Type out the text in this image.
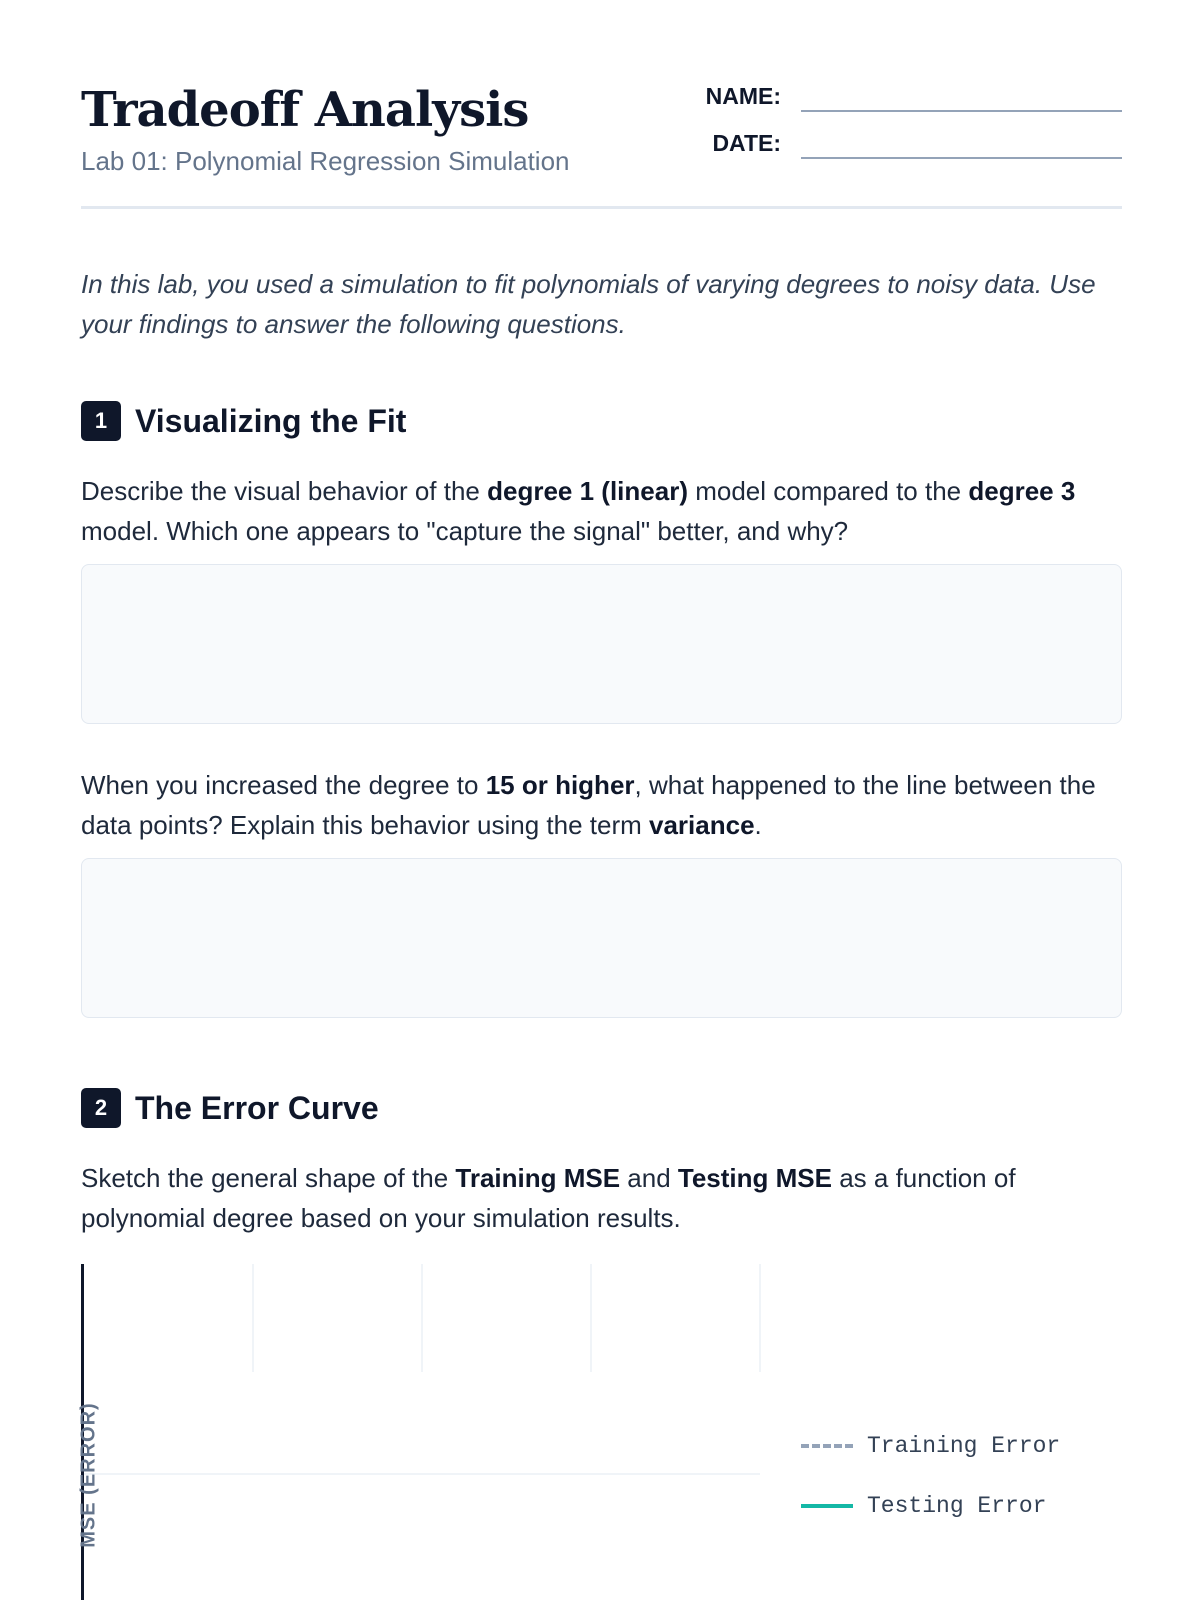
Tradeoff Analysis
Lab 01: Polynomial Regression Simulation
NAME:
DATE:
In this lab, you used a simulation to fit polynomials of varying degrees to noisy data. Use your findings to answer the following questions.
1 Visualizing the Fit
Describe the visual behavior of the degree 1 (linear) model compared to the degree 3 model. Which one appears to "capture the signal" better, and why?
When you increased the degree to 15 or higher, what happened to the line between the data points? Explain this behavior using the term variance.
2 The Error Curve
Sketch the general shape of the Training MSE and Testing MSE as a function of polynomial degree based on your simulation results.
MSE (ERROR)	Training Error
Testing Error
